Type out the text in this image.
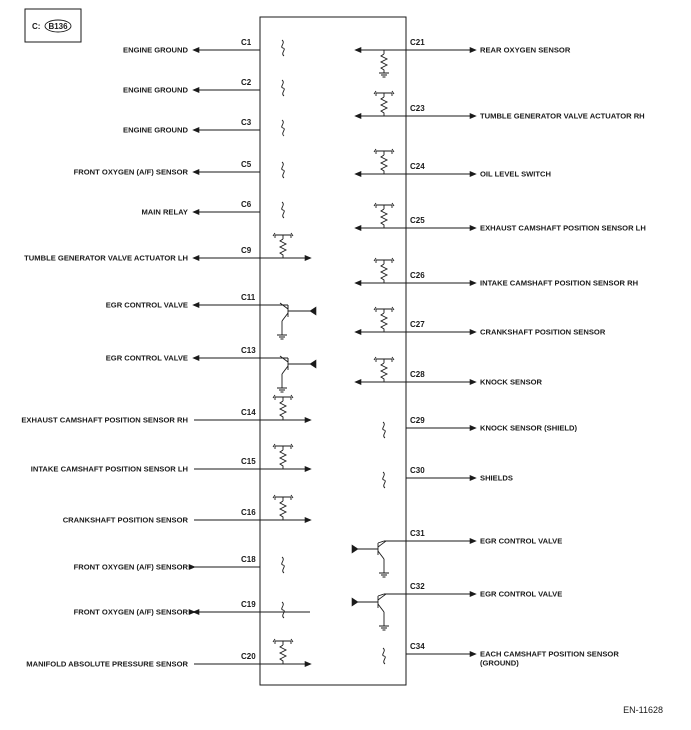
C: B136
ENGINE GROUND
C1
ENGINE GROUND
C2
ENGINE GROUND
C3
FRONT OXYGEN (A/F) SENSOR
C5
MAIN RELAY
C6
TUMBLE GENERATOR VALVE ACTUATOR LH
C9
EGR CONTROL VALVE
C11
EGR CONTROL VALVE
C13
EXHAUST CAMSHAFT POSITION SENSOR RH
C14
INTAKE CAMSHAFT POSITION SENSOR LH
C15
CRANKSHAFT POSITION SENSOR
C16
FRONT OXYGEN (A/F) SENSOR
C18
FRONT OXYGEN (A/F) SENSOR
C19
MANIFOLD ABSOLUTE PRESSURE SENSOR
C20
C21
REAR OXYGEN SENSOR
C23
TUMBLE GENERATOR VALVE ACTUATOR RH
C24
OIL LEVEL SWITCH
C25
EXHAUST CAMSHAFT POSITION SENSOR LH
C26
INTAKE CAMSHAFT POSITION SENSOR RH
C27
CRANKSHAFT POSITION SENSOR
C28
KNOCK SENSOR
C29
KNOCK SENSOR (SHIELD)
C30
SHIELDS
C31
EGR CONTROL VALVE
C32
EGR CONTROL VALVE
C34
EACH CAMSHAFT POSITION SENSOR
(GROUND)
EN-11628
